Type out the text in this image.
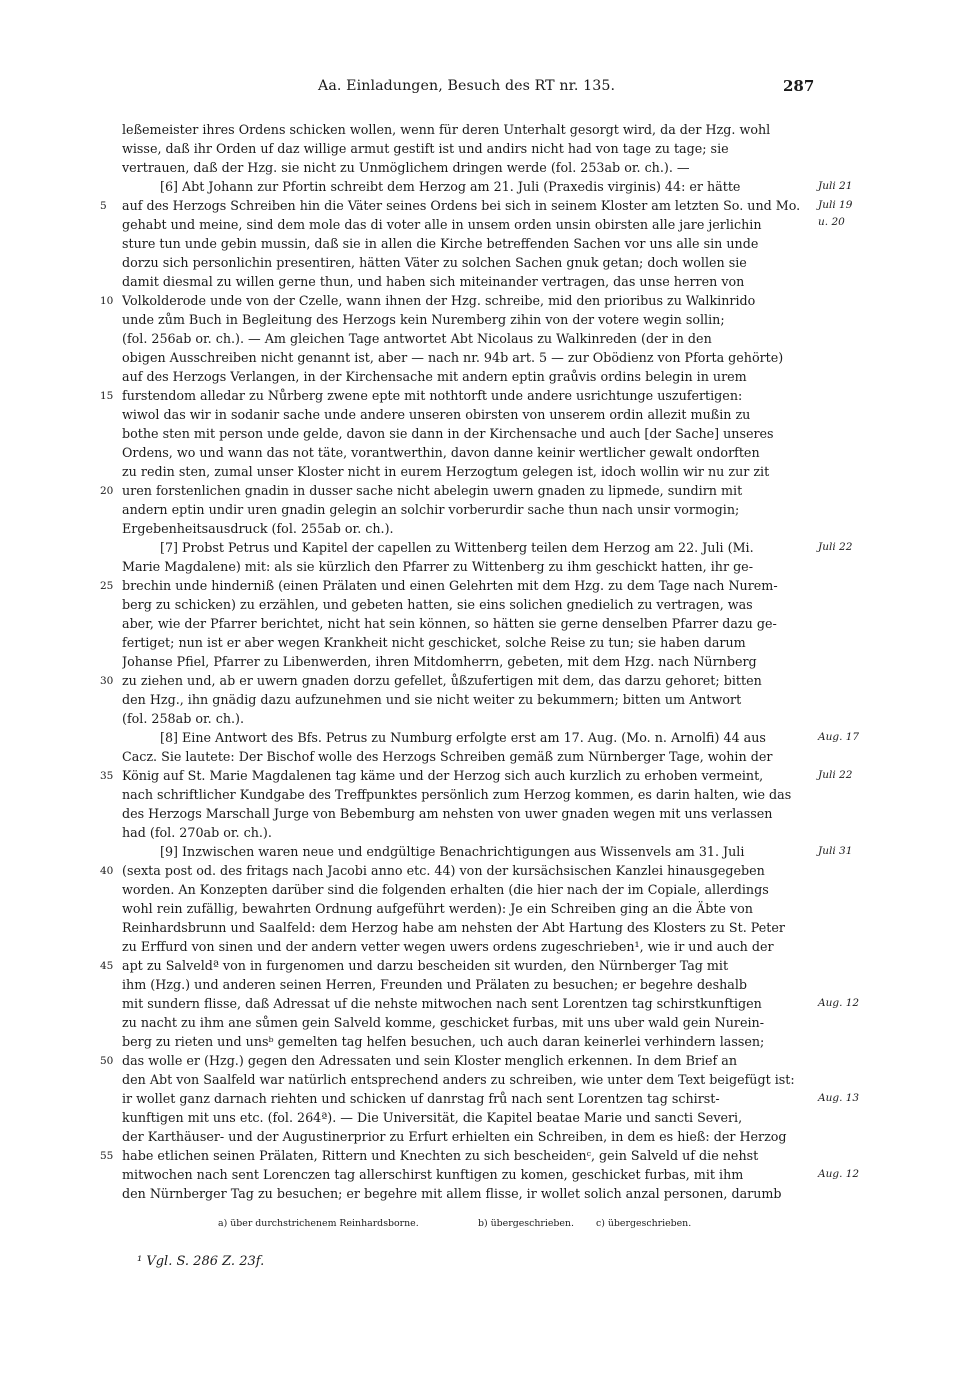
Aa. Einladungen, Besuch des RT nr. 135.	287
leßemeister ihres Ordens schicken wollen, wenn für deren Unterhalt gesorgt wird, da der Hzg. wohl
wisse, daß ihr Orden uf daz willige armut gestift ist und andirs nicht had von tage zu tage; sie
vertrauen, daß der Hzg. sie nicht zu Unmöglichem dringen werde (fol. 253ab or. ch.). —
[6] Abt Johann zur Pfortin schreibt dem Herzog am 21. Juli (Praxedis virginis) 44: er hätte
auf des Herzogs Schreiben hin die Väter seines Ordens bei sich in seinem Kloster am letzten So. und Mo.
gehabt und meine, sind dem mole das di voter alle in unsem orden unsin obirsten alle jare jerlichin
sture tun unde gebin mussin, daß sie in allen die Kirche betreffenden Sachen vor uns alle sin unde
dorzu sich personlichin presentiren, hätten Väter zu solchen Sachen gnuk getan; doch wollen sie
damit diesmal zu willen gerne thun, und haben sich miteinander vertragen, das unse herren von
Volkolderode unde von der Czelle, wann ihnen der Hzg. schreibe, mid den prioribus zu Walkinrido
unde zům Buch in Begleitung des Herzogs kein Nuremberg zihin von der votere wegin sollin;
(fol. 256ab or. ch.). — Am gleichen Tage antwortet Abt Nicolaus zu Walkinreden (der in den
obigen Ausschreiben nicht genannt ist, aber — nach nr. 94b art. 5 — zur Obödienz von Pforta gehörte)
auf des Herzogs Verlangen, in der Kirchensache mit andern eptin graůvis ordins belegin in urem
furstendom alledar zu Nůrberg zwene epte mit nothtorft unde andere usrichtunge uszufertigen:
wiwol das wir in sodanir sache unde andere unseren obirsten von unserem ordin allezit mußin zu
bothe sten mit person unde gelde, davon sie dann in der Kirchensache und auch [der Sache] unseres
Ordens, wo und wann das not täte, vorantwerthin, davon danne keinir wertlicher gewalt ondorften
zu redin sten, zumal unser Kloster nicht in eurem Herzogtum gelegen ist, idoch wollin wir nu zur zit
uren forstenlichen gnadin in dusser sache nicht abelegin uwern gnaden zu lipmede, sundirn mit
andern eptin undir uren gnadin gelegin an solchir vorberurdir sache thun nach unsir vormogin;
Ergebenheitsausdruck (fol. 255ab or. ch.).
[7] Probst Petrus und Kapitel der capellen zu Wittenberg teilen dem Herzog am 22. Juli (Mi.
Marie Magdalene) mit: als sie kürzlich den Pfarrer zu Wittenberg zu ihm geschickt hatten, ihr ge-
brechin unde hinderniß (einen Prälaten und einen Gelehrten mit dem Hzg. zu dem Tage nach Nurem-
berg zu schicken) zu erzählen, und gebeten hatten, sie eins solichen gnedielich zu vertragen, was
aber, wie der Pfarrer berichtet, nicht hat sein können, so hätten sie gerne denselben Pfarrer dazu ge-
fertiget; nun ist er aber wegen Krankheit nicht geschicket, solche Reise zu tun; sie haben darum
Johanse Pfiel, Pfarrer zu Libenwerden, ihren Mitdomherrn, gebeten, mit dem Hzg. nach Nürnberg
zu ziehen und, ab er uwern gnaden dorzu gefellet, ůßzufertigen mit dem, das darzu gehoret; bitten
den Hzg., ihn gnädig dazu aufzunehmen und sie nicht weiter zu bekummern; bitten um Antwort
(fol. 258ab or. ch.).
[8] Eine Antwort des Bfs. Petrus zu Numburg erfolgte erst am 17. Aug. (Mo. n. Arnolfi) 44 aus
Cacz. Sie lautete: Der Bischof wolle des Herzogs Schreiben gemäß zum Nürnberger Tage, wohin der
König auf St. Marie Magdalenen tag käme und der Herzog sich auch kurzlich zu erhoben vermeint,
nach schriftlicher Kundgabe des Treffpunktes persönlich zum Herzog kommen, es darin halten, wie das
des Herzogs Marschall Jurge von Bebemburg am nehsten von uwer gnaden wegen mit uns verlassen
had (fol. 270ab or. ch.).
[9] Inzwischen waren neue und endgültige Benachrichtigungen aus Wissenvels am 31. Juli
(sexta post od. des fritags nach Jacobi anno etc. 44) von der kursächsischen Kanzlei hinausgegeben
worden. An Konzepten darüber sind die folgenden erhalten (die hier nach der im Copiale, allerdings
wohl rein zufällig, bewahrten Ordnung aufgeführt werden): Je ein Schreiben ging an die Äbte von
Reinhardsbrunn und Saalfeld: dem Herzog habe am nehsten der Abt Hartung des Klosters zu St. Peter
zu Erffurd von sinen und der andern vetter wegen uwers ordens zugeschrieben¹, wie ir und auch der
apt zu Salveldª von in furgenomen und darzu bescheiden sit wurden, den Nürnberger Tag mit
ihm (Hzg.) und anderen seinen Herren, Freunden und Prälaten zu besuchen; er begehre deshalb
mit sundern flisse, daß Adressat uf die nehste mitwochen nach sent Lorentzen tag schirstkunftigen
zu nacht zu ihm ane sůmen gein Salveld komme, geschicket furbas, mit uns uber wald gein Nurein-
berg zu rieten und unsᵇ gemelten tag helfen besuchen, uch auch daran keinerlei verhindern lassen;
das wolle er (Hzg.) gegen den Adressaten und sein Kloster menglich erkennen. In dem Brief an
den Abt von Saalfeld war natürlich entsprechend anders zu schreiben, wie unter dem Text beigefügt ist:
ir wollet ganz darnach riehten und schicken uf danrstag frů nach sent Lorentzen tag schirst-
kunftigen mit uns etc. (fol. 264ª). — Die Universität, die Kapitel beatae Marie und sancti Severi,
der Karthäuser- und der Augustinerprior zu Erfurt erhielten ein Schreiben, in dem es hieß: der Herzog
habe etlichen seinen Prälaten, Rittern und Knechten zu sich bescheidenᶜ, gein Salveld uf die nehst
mitwochen nach sent Lorenczen tag allerschirst kunftigen zu komen, geschicket furbas, mit ihm
den Nürnberger Tag zu besuchen; er begehre mit allem flisse, ir wollet solich anzal personen, darumb
5
10
15
20
25
30
35
40
45
50
55
Juli 21
Juli 19
u. 20
Juli 22
Aug. 17
Juli 22
Juli 31
Aug. 12
Aug. 13
Aug. 12
a) über durchstrichenem Reinhardsborne.	b) übergeschrieben. c) übergeschrieben.
¹ Vgl. S. 286 Z. 23f.
